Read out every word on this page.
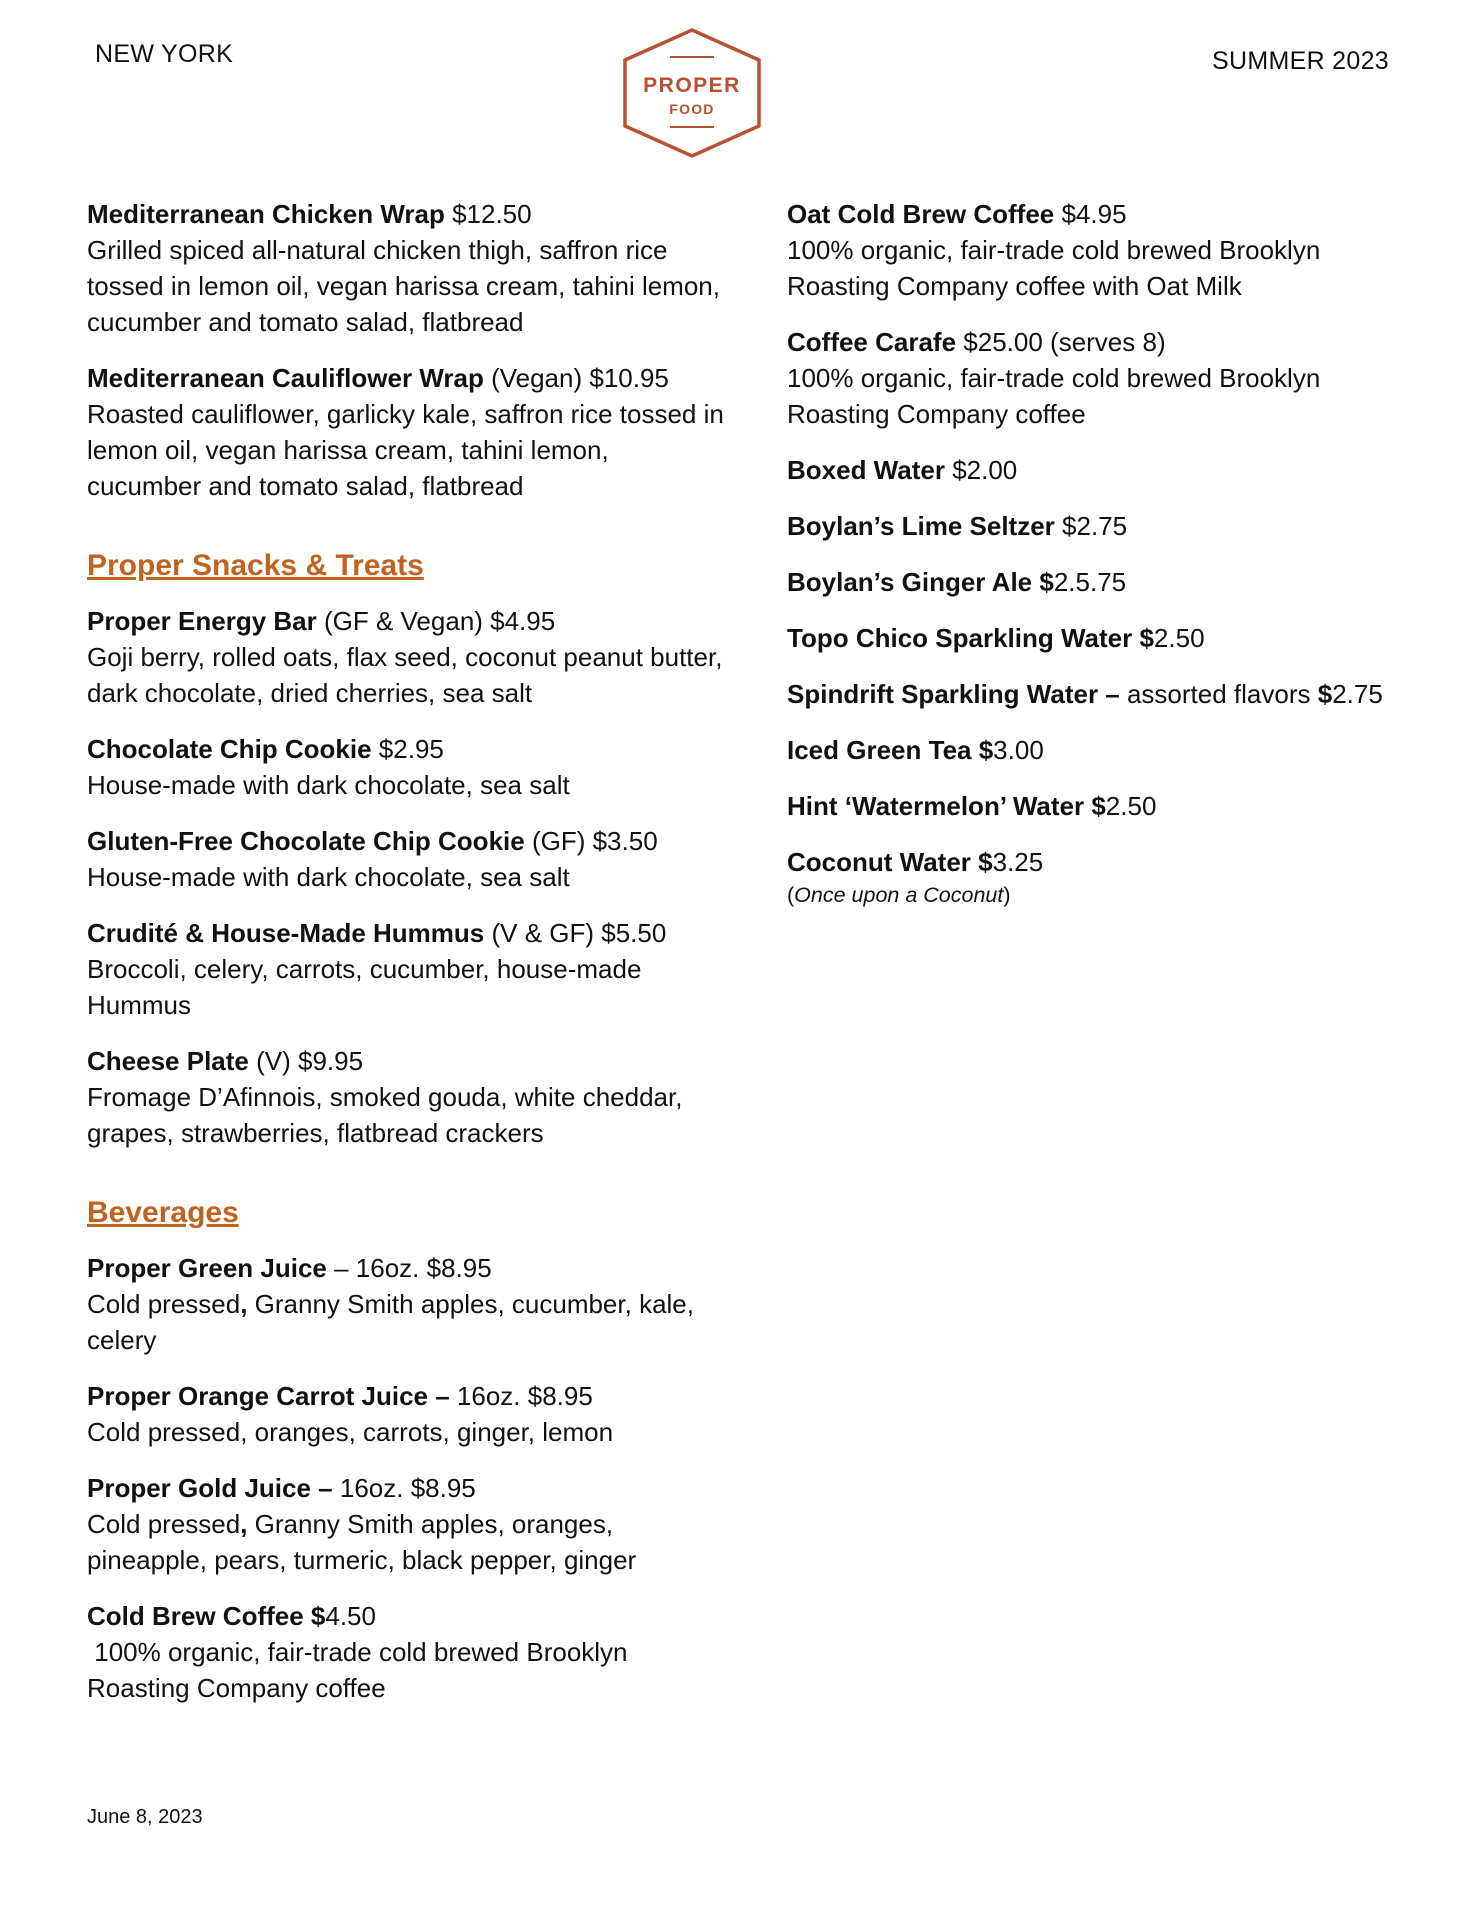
NEW YORK	SUMMER 2023
PROPER
FOOD
Mediterranean Chicken Wrap $12.50
Grilled spiced all-natural chicken thigh, saffron rice tossed in lemon oil, vegan harissa cream, tahini lemon, cucumber and tomato salad, flatbread
Mediterranean Cauliflower Wrap (Vegan) $10.95
Roasted cauliflower, garlicky kale, saffron rice tossed in lemon oil, vegan harissa cream, tahini lemon, cucumber and tomato salad, flatbread
Proper Snacks & Treats
Proper Energy Bar (GF & Vegan) $4.95
Goji berry, rolled oats, flax seed, coconut peanut butter, dark chocolate, dried cherries, sea salt
Chocolate Chip Cookie $2.95
House-made with dark chocolate, sea salt
Gluten-Free Chocolate Chip Cookie (GF) $3.50
House-made with dark chocolate, sea salt
Crudité & House-Made Hummus (V & GF) $5.50
Broccoli, celery, carrots, cucumber, house-made Hummus
Cheese Plate (V) $9.95
Fromage D’Afinnois, smoked gouda, white cheddar, grapes, strawberries, flatbread crackers
Beverages
Proper Green Juice – 16oz. $8.95
Cold pressed, Granny Smith apples, cucumber, kale, celery
Proper Orange Carrot Juice – 16oz. $8.95
Cold pressed, oranges, carrots, ginger, lemon
Proper Gold Juice – 16oz. $8.95
Cold pressed, Granny Smith apples, oranges, pineapple, pears, turmeric, black pepper, ginger
Cold Brew Coffee $4.50
100% organic, fair-trade cold brewed Brooklyn Roasting Company coffee
Oat Cold Brew Coffee $4.95
100% organic, fair-trade cold brewed Brooklyn Roasting Company coffee with Oat Milk
Coffee Carafe $25.00 (serves 8)
100% organic, fair-trade cold brewed Brooklyn Roasting Company coffee
Boxed Water $2.00
Boylan’s Lime Seltzer $2.75
Boylan’s Ginger Ale $2.5.75
Topo Chico Sparkling Water $2.50
Spindrift Sparkling Water – assorted flavors $2.75
Iced Green Tea $3.00
Hint ‘Watermelon’ Water $2.50
Coconut Water $3.25
(Once upon a Coconut)
June 8, 2023
